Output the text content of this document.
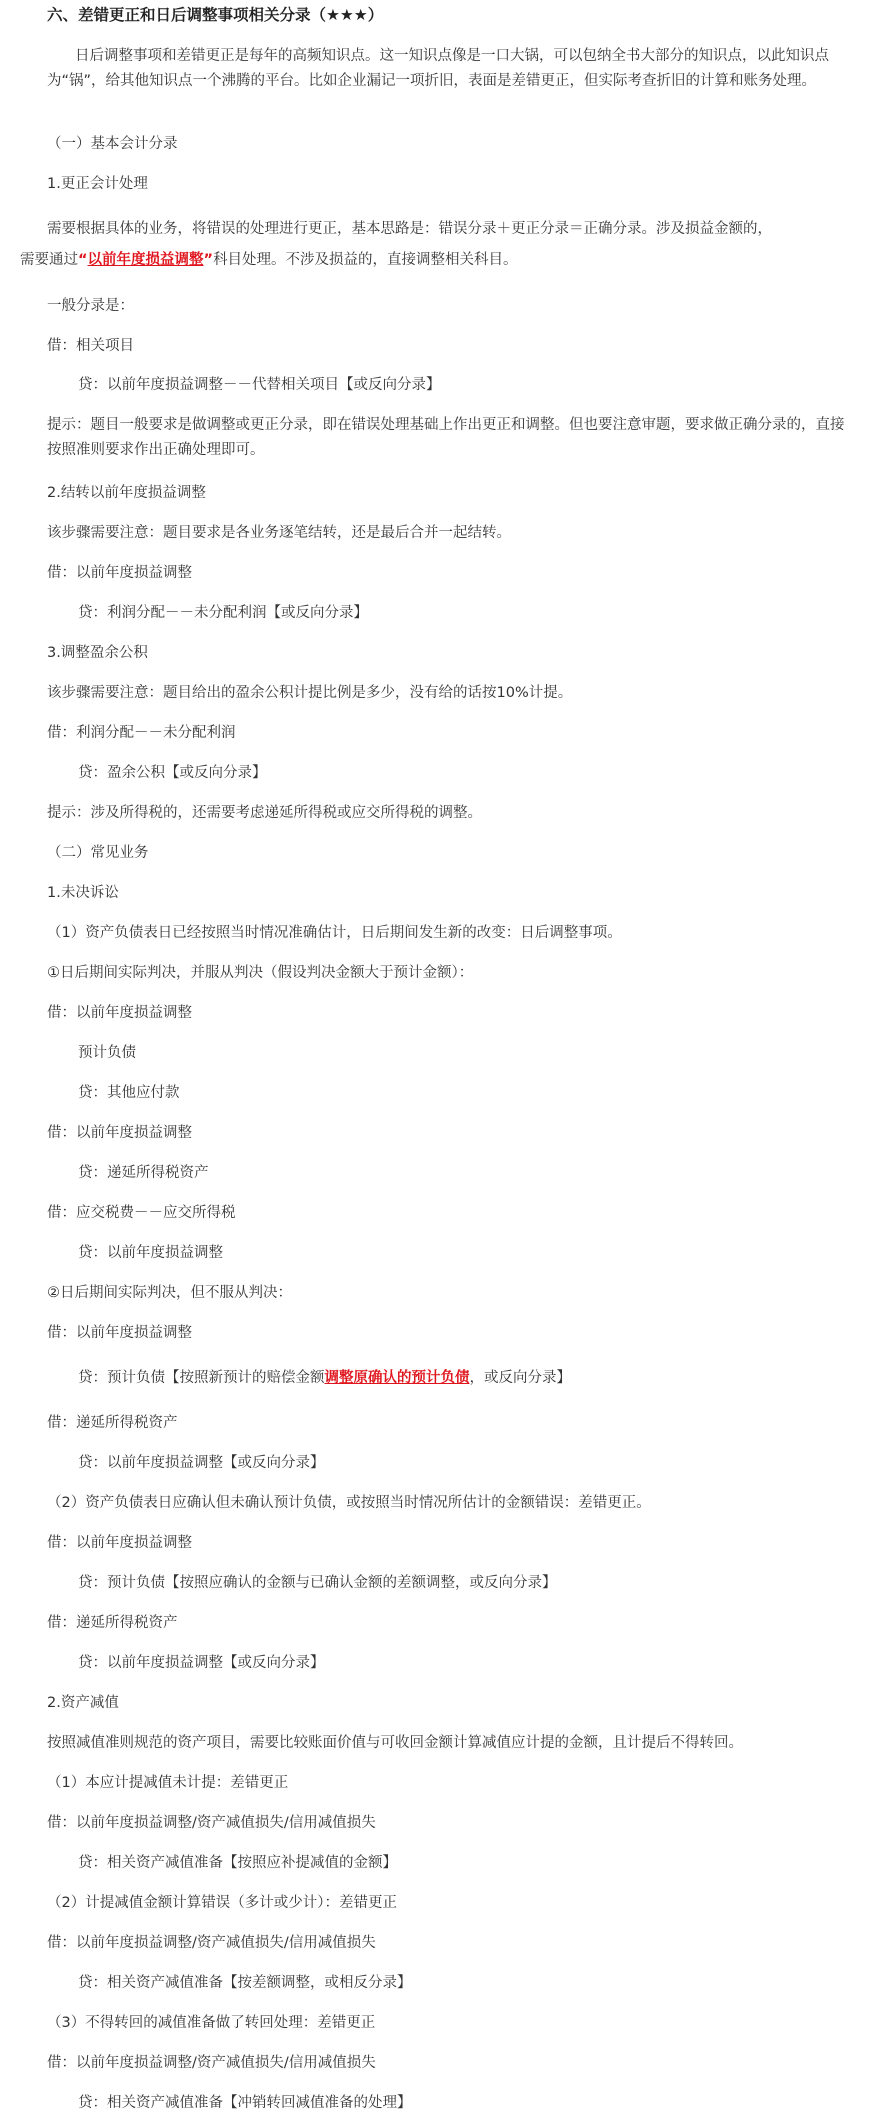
六、差错更正和日后调整事项相关分录（★★★）
日后调整事项和差错更正是每年的高频知识点。这一知识点像是一口大锅，可以包纳全书大部分的知识点，以此知识点为“锅”，给其他知识点一个沸腾的平台。比如企业漏记一项折旧，表面是差错更正，但实际考查折旧的计算和账务处理。
（一）基本会计分录
1.更正会计处理
需要根据具体的业务，将错误的处理进行更正，基本思路是：错误分录＋更正分录＝正确分录。涉及损益金额的，
需要通过“以前年度损益调整”科目处理。不涉及损益的，直接调整相关科目。
一般分录是：
借：相关项目
贷：以前年度损益调整－－代替相关项目【或反向分录】
提示：题目一般要求是做调整或更正分录，即在错误处理基础上作出更正和调整。但也要注意审题，要求做正确分录的，直接按照准则要求作出正确处理即可。
2.结转以前年度损益调整
该步骤需要注意：题目要求是各业务逐笔结转，还是最后合并一起结转。
借：以前年度损益调整
贷：利润分配－－未分配利润【或反向分录】
3.调整盈余公积
该步骤需要注意：题目给出的盈余公积计提比例是多少，没有给的话按10%计提。
借：利润分配－－未分配利润
贷：盈余公积【或反向分录】
提示：涉及所得税的，还需要考虑递延所得税或应交所得税的调整。
（二）常见业务
1.未决诉讼
（1）资产负债表日已经按照当时情况准确估计，日后期间发生新的改变：日后调整事项。
①日后期间实际判决，并服从判决（假设判决金额大于预计金额）：
借：以前年度损益调整
预计负债
贷：其他应付款
借：以前年度损益调整
贷：递延所得税资产
借：应交税费－－应交所得税
贷：以前年度损益调整
②日后期间实际判决，但不服从判决：
借：以前年度损益调整
贷：预计负债【按照新预计的赔偿金额调整原确认的预计负债，或反向分录】
借：递延所得税资产
贷：以前年度损益调整【或反向分录】
（2）资产负债表日应确认但未确认预计负债，或按照当时情况所估计的金额错误：差错更正。
借：以前年度损益调整
贷：预计负债【按照应确认的金额与已确认金额的差额调整，或反向分录】
借：递延所得税资产
贷：以前年度损益调整【或反向分录】
2.资产减值
按照减值准则规范的资产项目，需要比较账面价值与可收回金额计算减值应计提的金额，且计提后不得转回。
（1）本应计提减值未计提：差错更正
借：以前年度损益调整/资产减值损失/信用减值损失
贷：相关资产减值准备【按照应补提减值的金额】
（2）计提减值金额计算错误（多计或少计）：差错更正
借：以前年度损益调整/资产减值损失/信用减值损失
贷：相关资产减值准备【按差额调整，或相反分录】
（3）不得转回的减值准备做了转回处理：差错更正
借：以前年度损益调整/资产减值损失/信用减值损失
贷：相关资产减值准备【冲销转回减值准备的处理】
